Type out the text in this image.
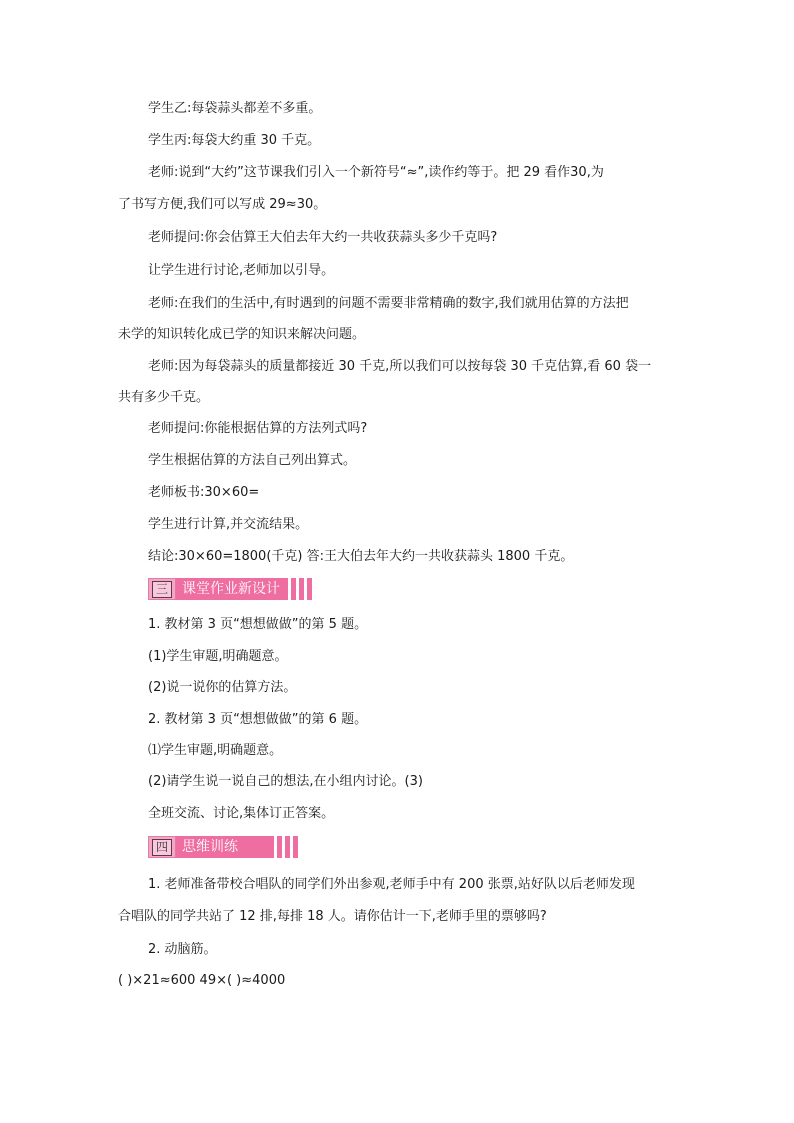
学生乙:每袋蒜头都差不多重。
学生丙:每袋大约重 30 千克。
老师:说到“大约”这节课我们引入一个新符号“≈”,读作约等于。把 29 看作30,为
了书写方便,我们可以写成 29≈30。
老师提问:你会估算王大伯去年大约一共收获蒜头多少千克吗?
让学生进行讨论,老师加以引导。
老师:在我们的生活中,有时遇到的问题不需要非常精确的数字,我们就用估算的方法把
未学的知识转化成已学的知识来解决问题。
老师:因为每袋蒜头的质量都接近 30 千克,所以我们可以按每袋 30 千克估算,看 60 袋一
共有多少千克。
老师提问:你能根据估算的方法列式吗?
学生根据估算的方法自己列出算式。
老师板书:30×60=
学生进行计算,并交流结果。
结论:30×60=1800(千克) 答:王大伯去年大约一共收获蒜头 1800 千克。
三	课堂作业新设计
1. 教材第 3 页“想想做做”的第 5 题。
(1)学生审题,明确题意。
(2)说一说你的估算方法。
2. 教材第 3 页“想想做做”的第 6 题。
⑴学生审题,明确题意。
(2)请学生说一说自己的想法,在小组内讨论。(3)
全班交流、讨论,集体订正答案。
四	思维训练
1. 老师准备带校合唱队的同学们外出参观,老师手中有 200 张票,站好队以后老师发现
合唱队的同学共站了 12 排,每排 18 人。请你估计一下,老师手里的票够吗?
2. 动脑筋。
( )×21≈600 49×( )≈4000
